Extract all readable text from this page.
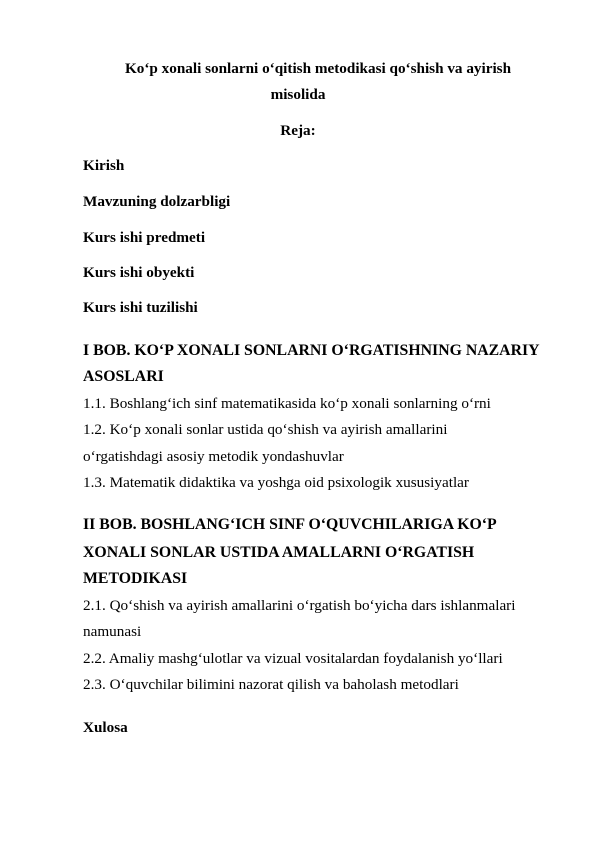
Ko‘p xonali sonlarni o‘qitish metodikasi qo‘shish va ayirish
misolida
Reja:
Kirish
Mavzuning dolzarbligi
Kurs ishi predmeti
Kurs ishi obyekti
Kurs ishi tuzilishi
I BOB. KO‘P XONALI SONLARNI O‘RGATISHNING NAZARIY
ASOSLARI
1.1. Boshlang‘ich sinf matematikasida ko‘p xonali sonlarning o‘rni
1.2. Ko‘p xonali sonlar ustida qo‘shish va ayirish amallarini
o‘rgatishdagi asosiy metodik yondashuvlar
1.3. Matematik didaktika va yoshga oid psixologik xususiyatlar
II BOB. BOSHLANG‘ICH SINF O‘QUVCHILARIGA KO‘P
XONALI SONLAR USTIDA AMALLARNI O‘RGATISH
METODIKASI
2.1. Qo‘shish va ayirish amallarini o‘rgatish bo‘yicha dars ishlanmalari
namunasi
2.2. Amaliy mashg‘ulotlar va vizual vositalardan foydalanish yo‘llari
2.3. O‘quvchilar bilimini nazorat qilish va baholash metodlari
Xulosa
